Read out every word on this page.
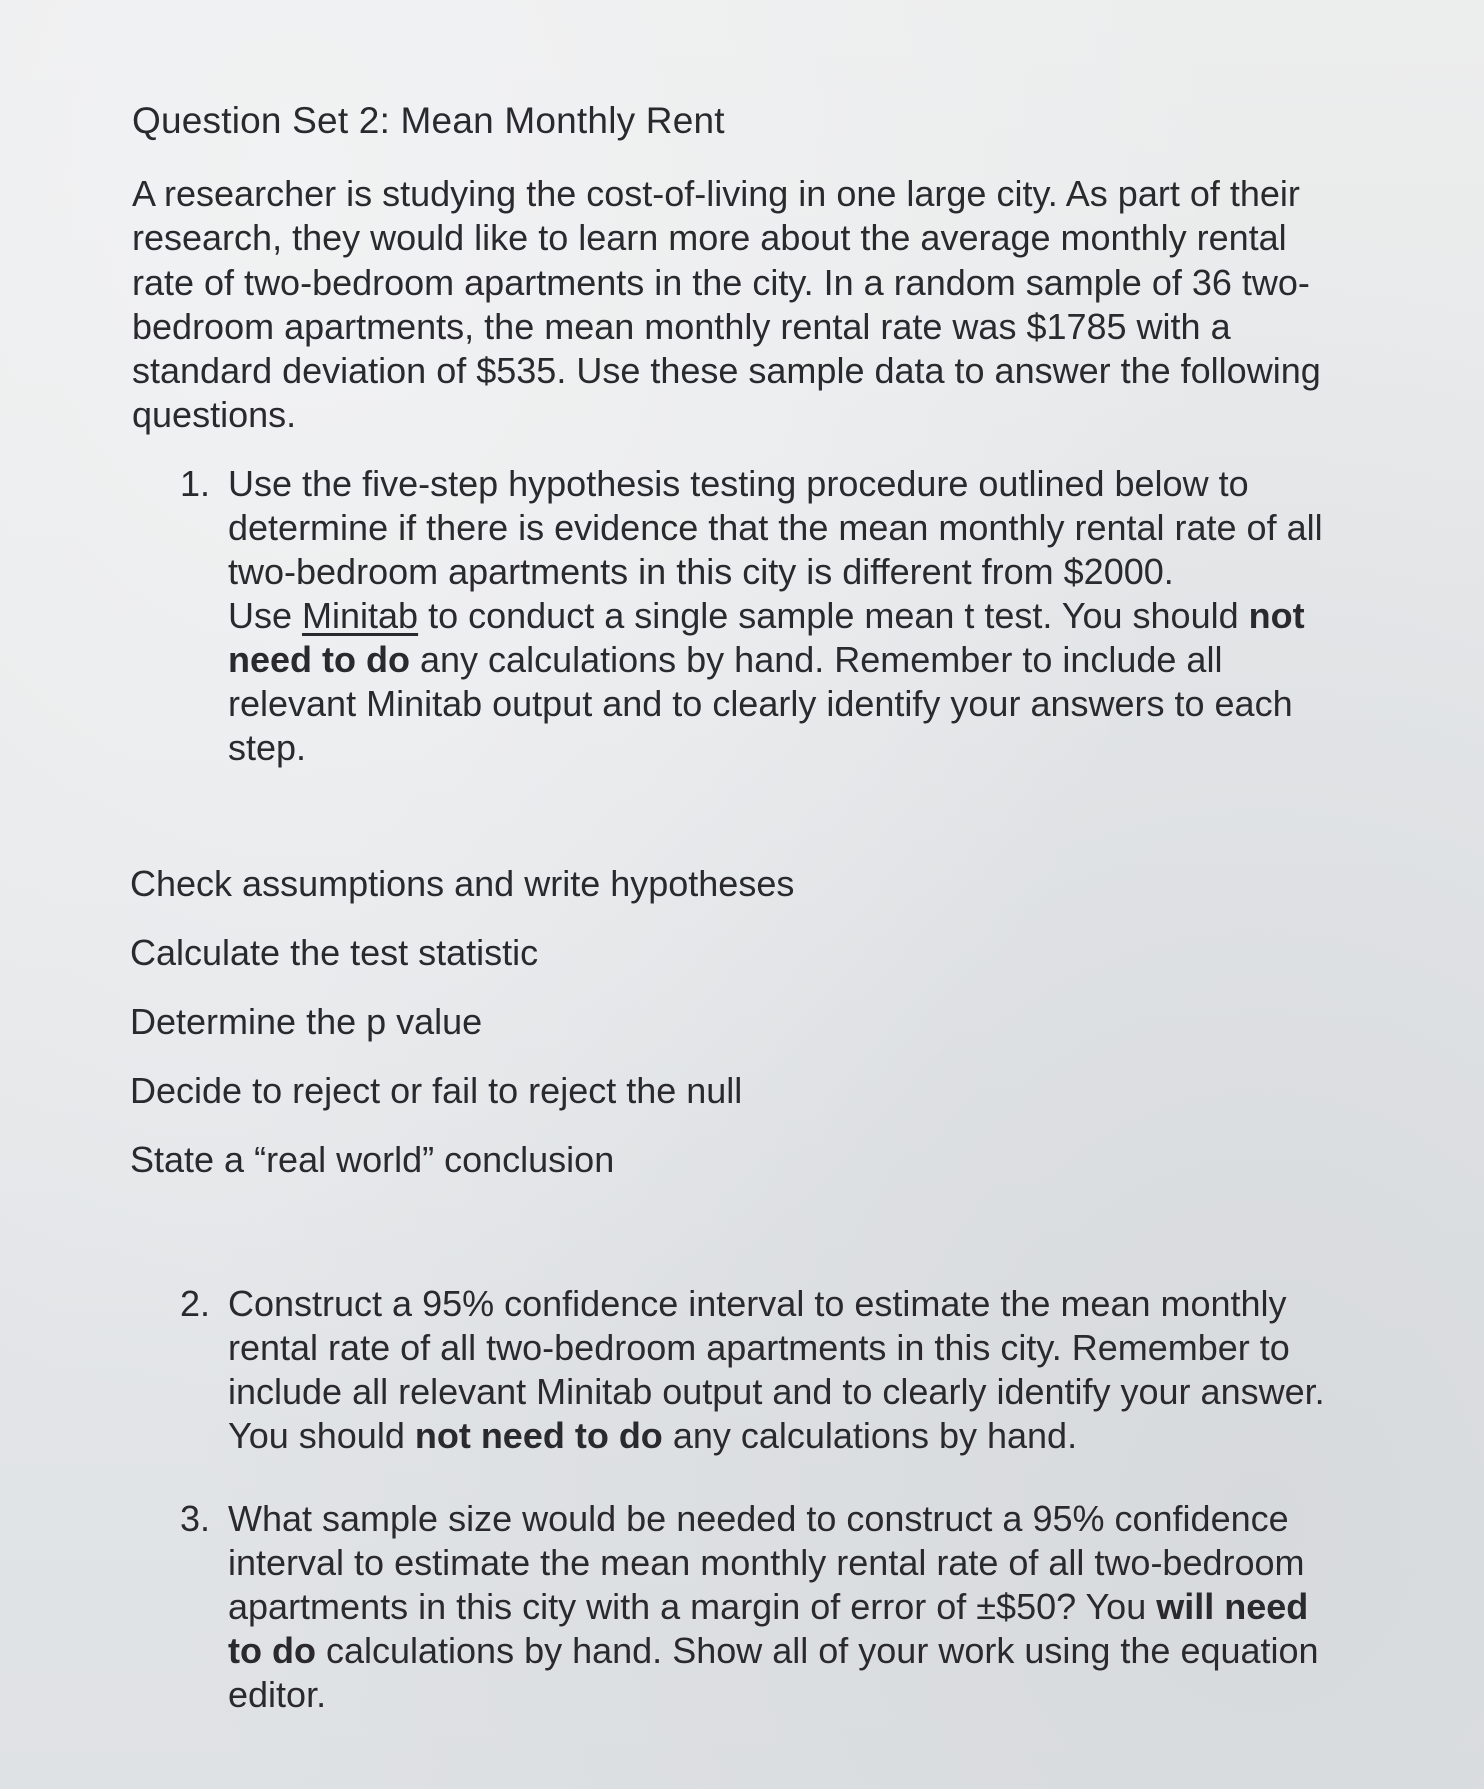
Question Set 2: Mean Monthly Rent

A researcher is studying the cost-of-living in one large city. As part of their
research, they would like to learn more about the average monthly rental
rate of two-bedroom apartments in the city. In a random sample of 36 two-
bedroom apartments, the mean monthly rental rate was $1785 with a
standard deviation of $535. Use these sample data to answer the following
questions.

1. Use the five-step hypothesis testing procedure outlined below to
determine if there is evidence that the mean monthly rental rate of all
two-bedroom apartments in this city is different from $2000.
Use Minitab to conduct a single sample mean t test. You should not
need to do any calculations by hand. Remember to include all
relevant Minitab output and to clearly identify your answers to each
step.
Check assumptions and write hypotheses
Calculate the test statistic
Determine the p value
Decide to reject or fail to reject the null
State a “real world” conclusion
2. Construct a 95% confidence interval to estimate the mean monthly
rental rate of all two-bedroom apartments in this city. Remember to
include all relevant Minitab output and to clearly identify your answer.
You should not need to do any calculations by hand.
3. What sample size would be needed to construct a 95% confidence
interval to estimate the mean monthly rental rate of all two-bedroom
apartments in this city with a margin of error of ±$50? You will need
to do calculations by hand. Show all of your work using the equation
editor.
